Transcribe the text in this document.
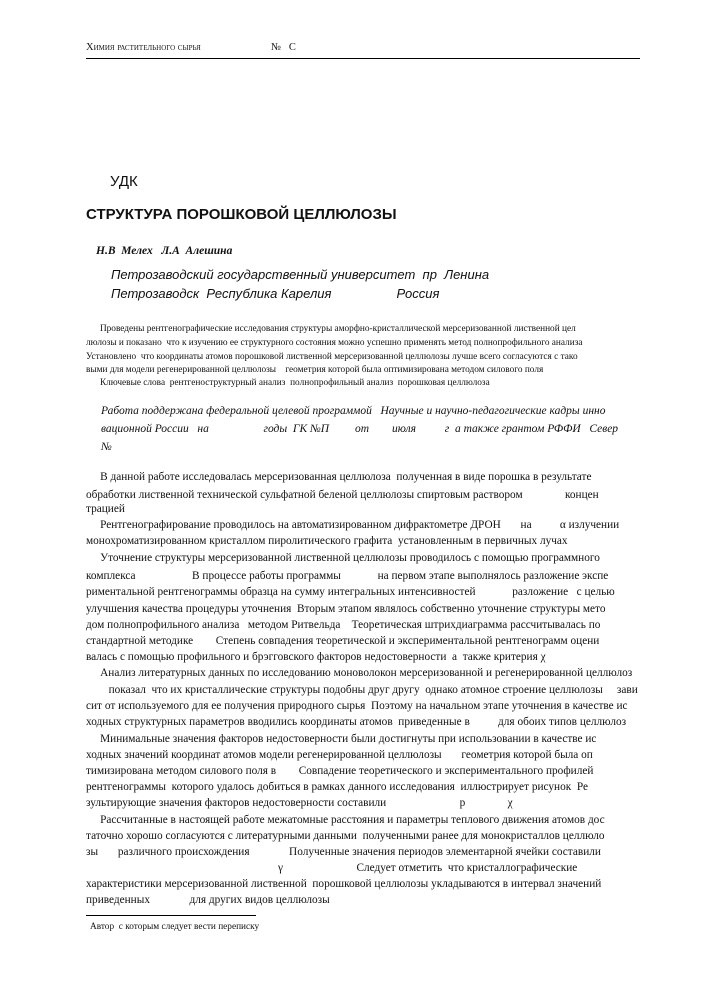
Химия растительного сырья	№   С
УДК
СТРУКТУРА ПОРОШКОВОЙ ЦЕЛЛЮЛОЗЫ
Н.В  Мелех   Л.А  Алешина
Петрозаводский государственный университет  пр  Ленина
Петрозаводск  Республика Карелия                  Россия
Проведены рентгенографические исследования структуры аморфно-кристаллической мерсеризованной лиственной цел
люлозы и показано  что к изучению ее структурного состояния можно успешно применять метод полнопрофильного анализа
Установлено  что координаты атомов порошковой лиственной мерсеризованной целлюлозы лучше всего согласуются с тако
выми для модели регенерированной целлюлозы    геометрия которой была оптимизирована методом силового поля
Ключевые слова  рентгеноструктурный анализ  полнопрофильный анализ  порошковая целлюлоза
Работа поддержана федеральной целевой программой   Научные и научно-педагогические кадры инно
вационной России   на                   годы  ГК №П         от        июля          г  а также грантом РФФИ   Север
№
В данной работе исследовалась мерсеризованная целлюлоза  полученная в виде порошка в результате
обработки лиственной технической сульфатной беленой целлюлозы спиртовым раствором               концен
трацией
Рентгенографирование проводилось на автоматизированном дифрактометре ДРОН       на          α излучении
монохроматизированном кристаллом пиролитического графита  установленным в первичных лучах
Уточнение структуры мерсеризованной лиственной целлюлозы проводилось с помощью программного
комплекса                    В процессе работы программы             на первом этапе выполнялось разложение экспе
риментальной рентгенограммы образца на сумму интегральных интенсивностей             разложение   с целью
улучшения качества процедуры уточнения  Вторым этапом являлось собственно уточнение структуры мето
дом полнопрофильного анализа   методом Ритвельда    Теоретическая штрихдиаграмма рассчитывалась по
стандартной методике        Степень совпадения теоретической и экспериментальной рентгенограмм оцени
валась с помощью профильного и брэгговского факторов недостоверности  а  также критерия χ
Анализ литературных данных по исследованию моноволокон мерсеризованной и регенерированной целлюлоз
показал  что их кристаллические структуры подобны друг другу  однако атомное строение целлюлозы     зави
сит от используемого для ее получения природного сырья  Поэтому на начальном этапе уточнения в качестве ис
ходных структурных параметров вводились координаты атомов  приведенные в          для обоих типов целлюлоз
Минимальные значения факторов недостоверности были достигнуты при использовании в качестве ис
ходных значений координат атомов модели регенерированной целлюлозы       геометрия которой была оп
тимизирована методом силового поля в        Совпадение теоретического и экспериментального профилей
рентгенограммы  которого удалось добиться в рамках данного исследования  иллюстрирует рисунок  Ре
зультирующие значения факторов недостоверности составили                          р               χ
Рассчитанные в настоящей работе межатомные расстояния и параметры теплового движения атомов дос
таточно хорошо согласуются с литературными данными  полученными ранее для монокристаллов целлюло
зы       различного происхождения              Полученные значения периодов элементарной ячейки составили
γ                          Следует отметить  что кристаллографические
характеристики мерсеризованной лиственной  порошковой целлюлозы укладываются в интервал значений
приведенных              для других видов целлюлозы
Автор  с которым следует вести переписку
